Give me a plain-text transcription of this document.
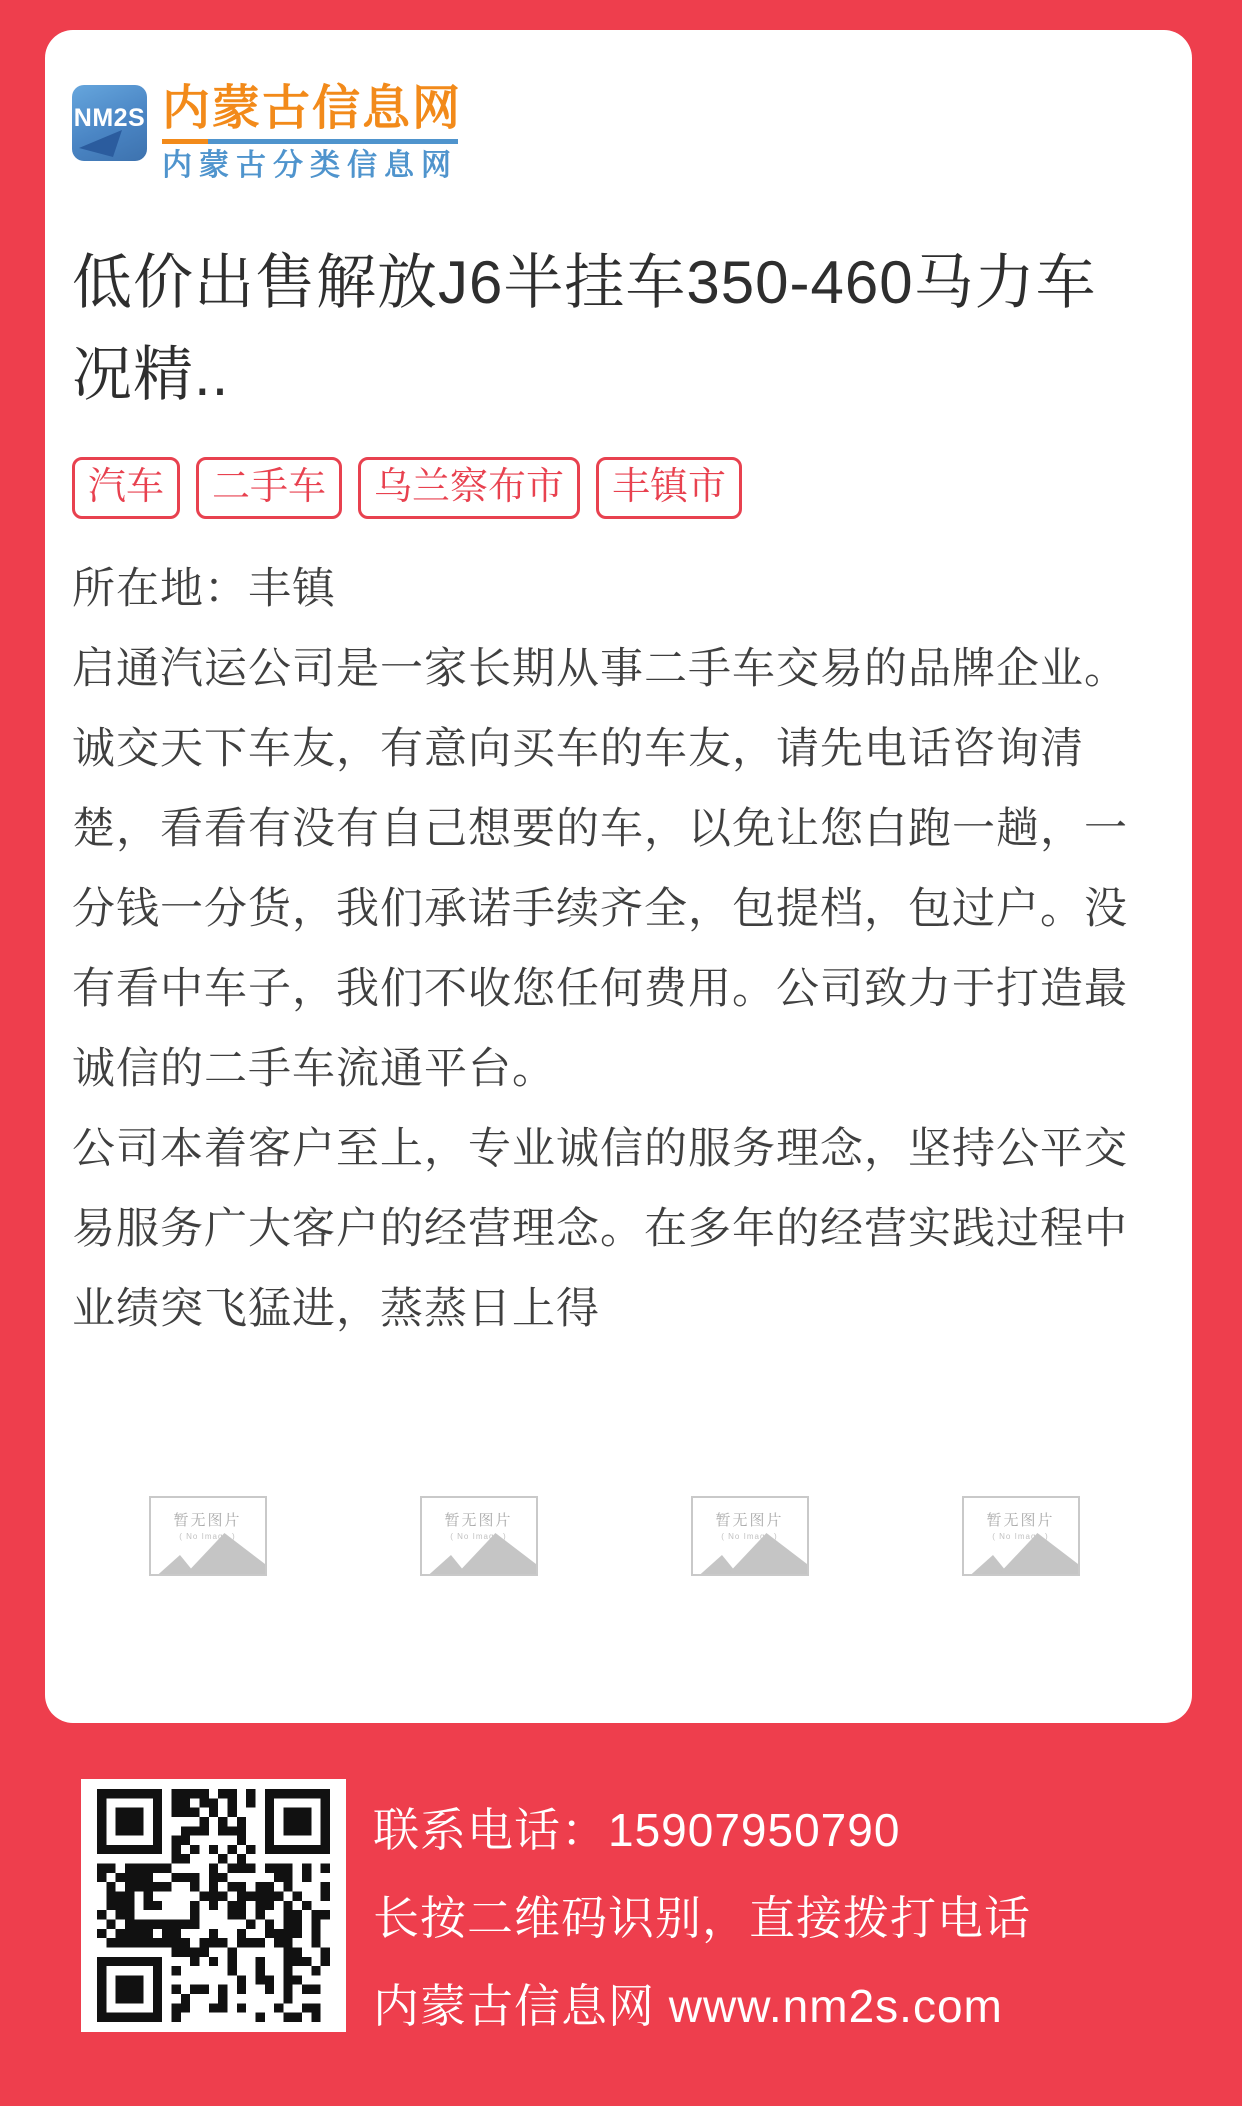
NM2S 内蒙古信息网
内蒙古分类信息网
低价出售解放J6半挂车350-460马力车况精..
汽车	二手车	乌兰察布市	丰镇市

所在地：丰镇

启通汽运公司是一家长期从事二手车交易的品牌企业。诚交天下车友，有意向买车的车友，请先电话咨询清楚，看看有没有自己想要的车，以免让您白跑一趟，一分钱一分货，我们承诺手续齐全，包提档，包过户。没有看中车子，我们不收您任何费用。公司致力于打造最诚信的二手车流通平台。

公司本着客户至上，专业诚信的服务理念，坚持公平交易服务广大客户的经营理念。在多年的经营实践过程中业绩突飞猛进，蒸蒸日上得

暂无图片
( No Image )
暂无图片
( No Image )
暂无图片
( No Image )
暂无图片
( No Image )
联系电话：15907950790
长按二维码识别，直接拨打电话
内蒙古信息网 www.nm2s.com
